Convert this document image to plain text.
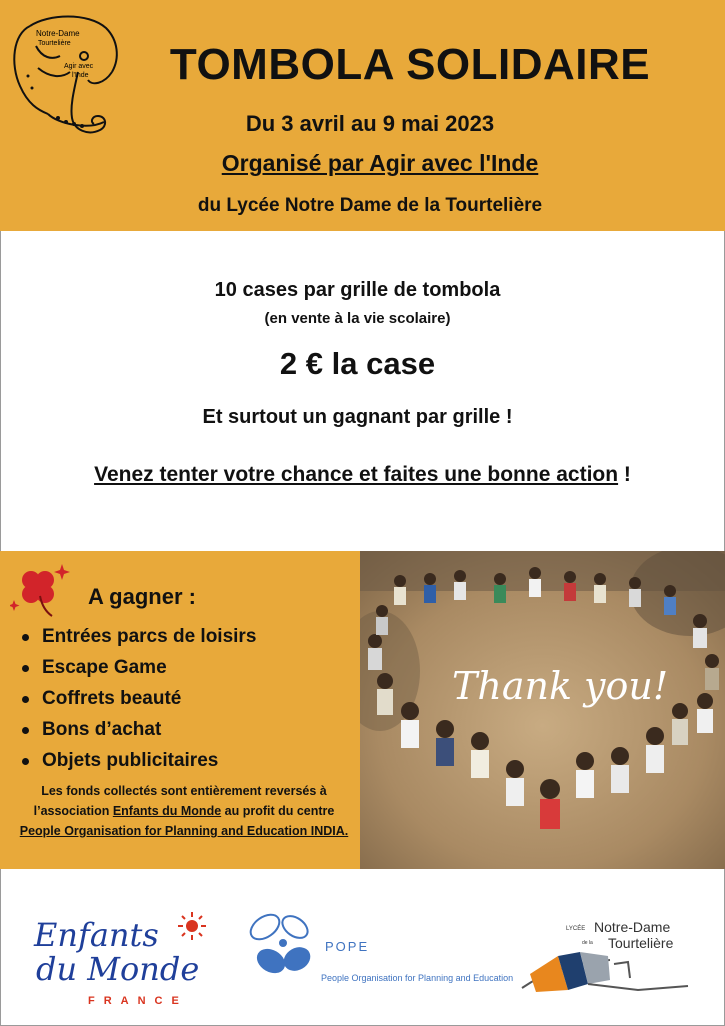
Notre-Dame
Tourtelière
Agir avec
l'Inde	TOMBOLA SOLIDAIRE
Du 3 avril au 9 mai 2023
Organisé par Agir avec l'Inde
du Lycée Notre Dame de la Tourtelière
10 cases par grille de tombola
(en vente à la vie scolaire)
2 € la case
Et surtout un gagnant par grille !
Venez tenter votre chance et faites une bonne action !
A gagner :
Entrées parcs de loisirs
Escape Game
Coffrets beauté
Bons d’achat
Objets publicitaires
Les fonds collectés sont entièrement reversés à l’association Enfants du Monde au profit du centre People Organisation for Planning and Education INDIA.
Thank you!
Enfants
du Monde
FRANCE
POPE
People Organisation for Planning and Education
LYCÉE Notre-Dame
de la Tourtelière
